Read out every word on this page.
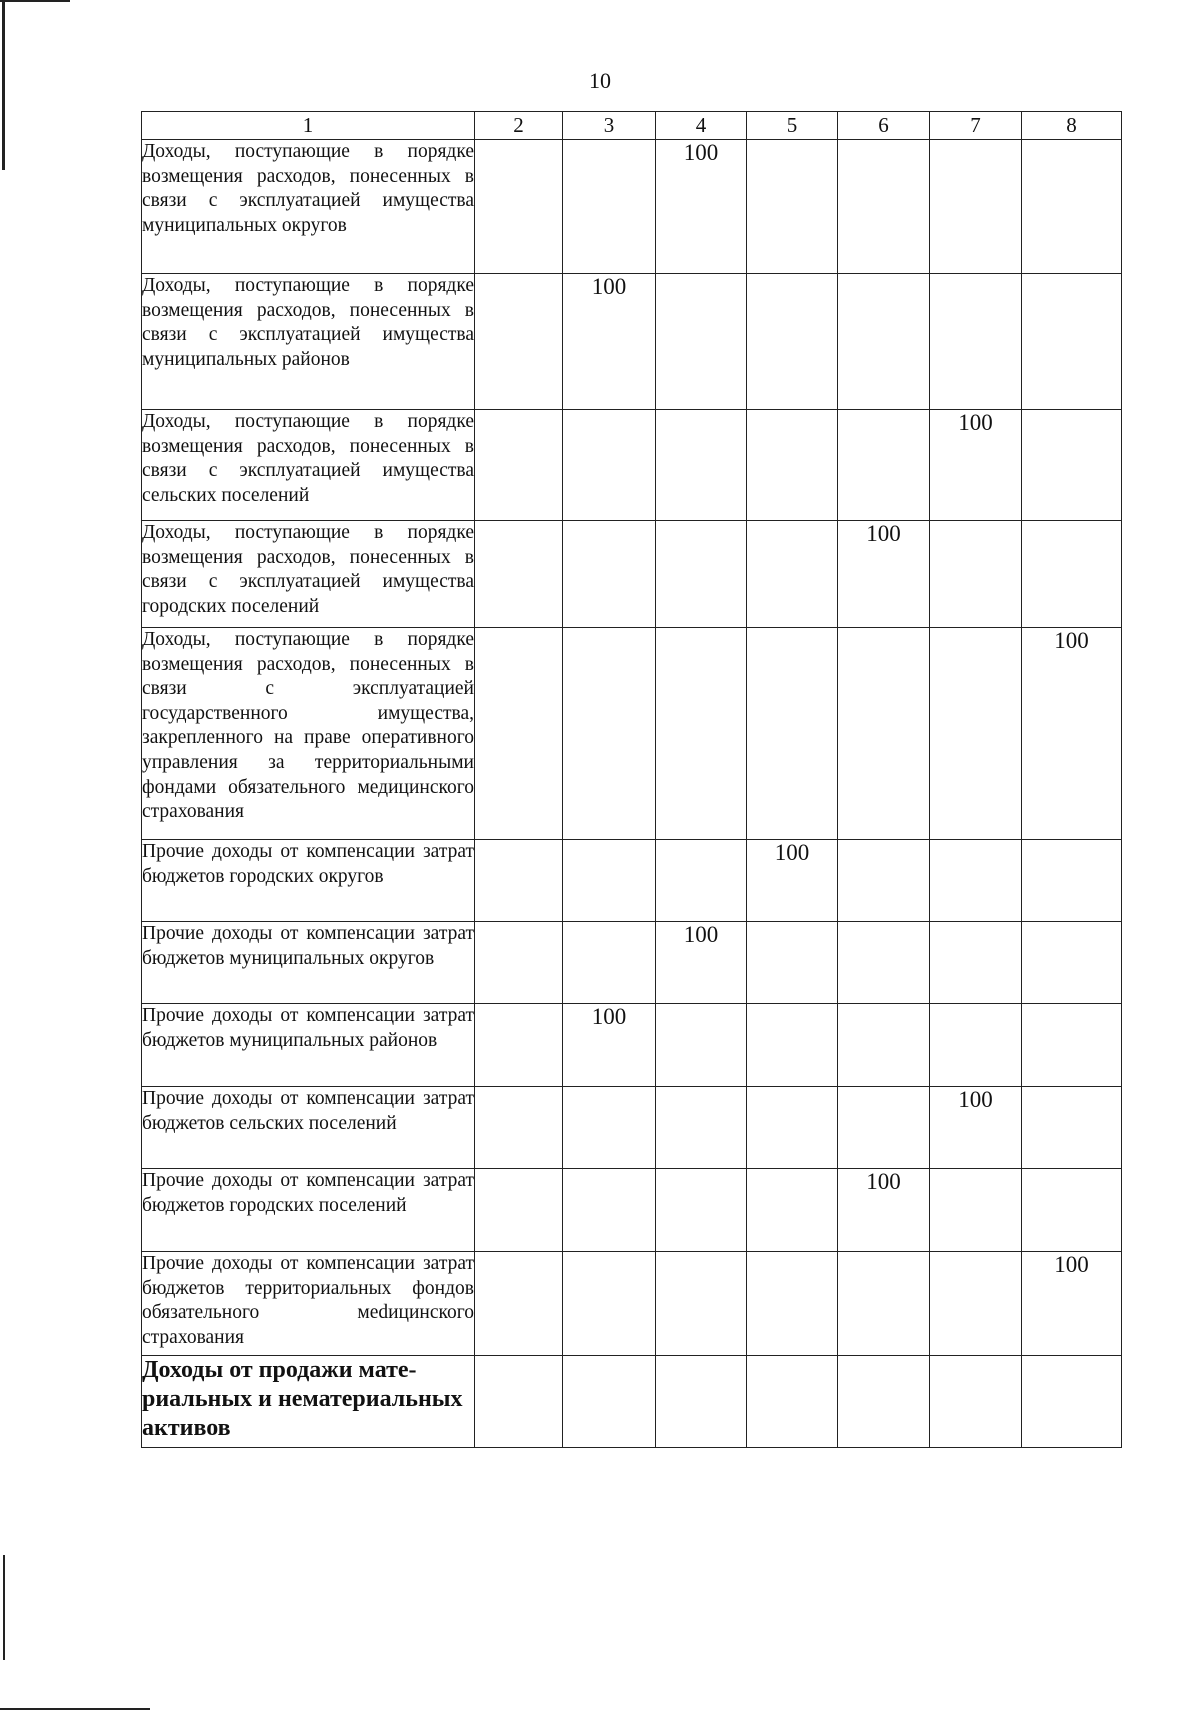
10
1	2	3	4	5	6	7	8
Доходы, поступающие в порядке возмещения расходов, понесенных в связи с эксплуатацией имущества муниципальных округов			100				
Доходы, поступающие в порядке возмещения расходов, понесенных в связи с эксплуатацией имущества муниципальных районов		100					
Доходы, поступающие в порядке возмещения расходов, понесенных в связи с эксплуатацией имущества сельских поселений						100	
Доходы, поступающие в порядке возмещения расходов, понесенных в связи с эксплуатацией имущества городских поселений					100		
Доходы, поступающие в порядке возмещения расходов, понесенных в связи с эксплуатацией государственного имущества, закрепленного на праве оперативного управления за территориальными фондами обязательного медицинского страхования							100
Прочие доходы от компенсации затрат бюджетов городских округов				100			
Прочие доходы от компенсации затрат бюджетов муниципальных округов			100				
Прочие доходы от компенсации затрат бюджетов муниципальных районов		100					
Прочие доходы от компенсации затрат бюджетов сельских поселений						100	
Прочие доходы от компенсации затрат бюджетов городских поселений					100		
Прочие доходы от компенсации затрат бюджетов территориальных фондов обязательного меdицинского страхования							100
Доходы от продажи материальных и нематериальных активов							
